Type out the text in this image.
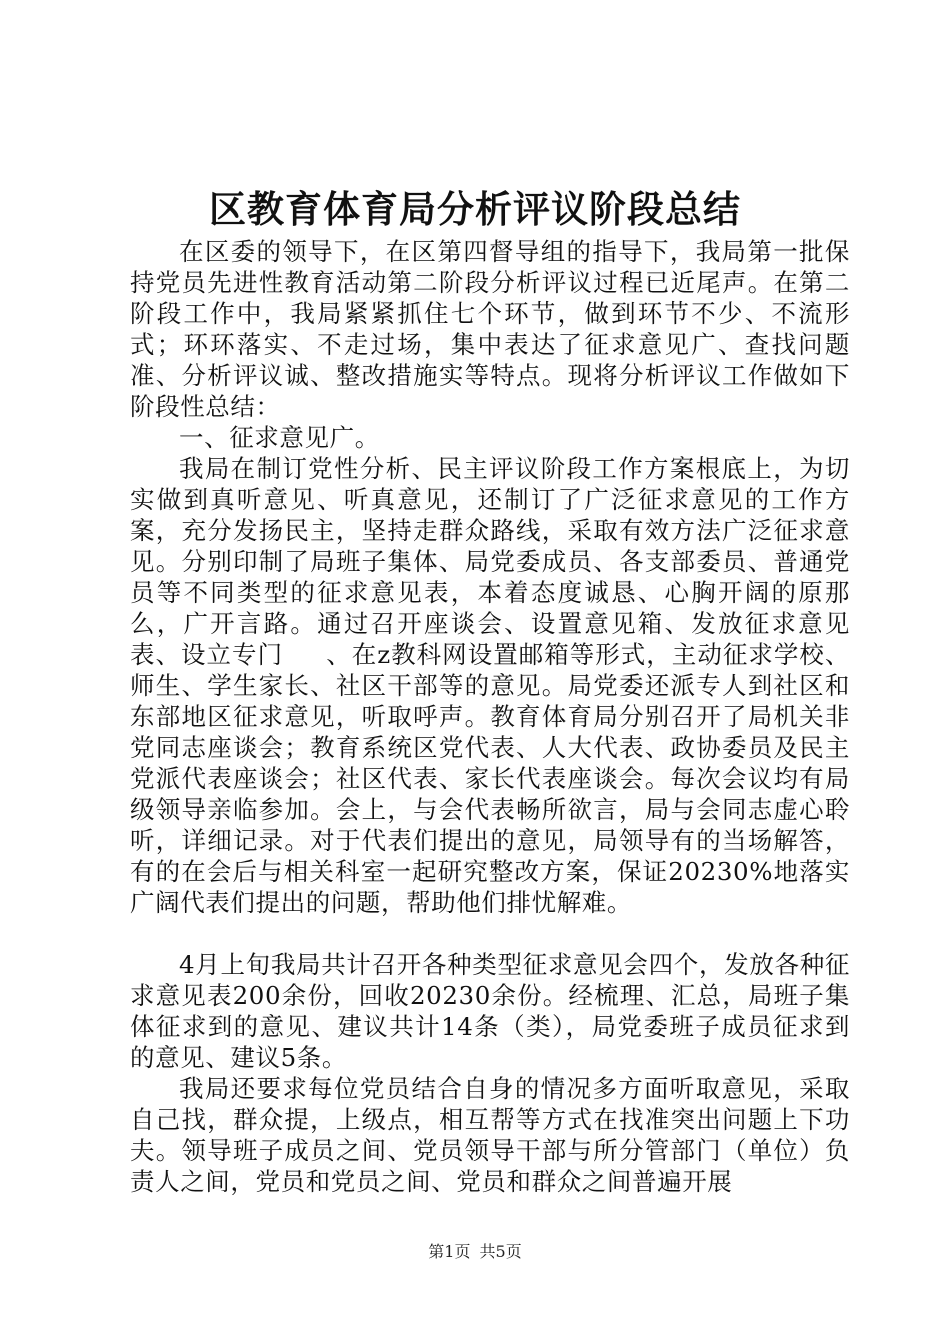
区教育体育局分析评议阶段总结

在区委的领导下，在区第四督导组的指导下，我局第一批保持党员先进性教育活动第二阶段分析评议过程已近尾声。在第二阶段工作中，我局紧紧抓住七个环节，做到环节不少、不流形式；环环落实、不走过场，集中表达了征求意见广、查找问题准、分析评议诚、整改措施实等特点。现将分析评议工作做如下阶段性总结：

一、征求意见广。

我局在制订党性分析、民主评议阶段工作方案根底上，为切实做到真听意见、听真意见，还制订了广泛征求意见的工作方案，充分发扬民主，坚持走群众路线，采取有效方法广泛征求意见。分别印制了局班子集体、局党委成员、各支部委员、普通党员等不同类型的征求意见表，本着态度诚恳、心胸开阔的原那么，广开言路。通过召开座谈会、设置意见箱、发放征求意见表、设立专门 　 、在z教科网设置邮箱等形式，主动征求学校、师生、学生家长、社区干部等的意见。局党委还派专人到社区和东部地区征求意见，听取呼声。教育体育局分别召开了局机关非党同志座谈会；教育系统区党代表、人大代表、政协委员及民主党派代表座谈会；社区代表、家长代表座谈会。每次会议均有局级领导亲临参加。会上，与会代表畅所欲言，局与会同志虚心聆听，详细记录。对于代表们提出的意见，局领导有的当场解答，有的在会后与相关科室一起研究整改方案，保证20230%地落实广阔代表们提出的问题，帮助他们排忧解难。

4月上旬我局共计召开各种类型征求意见会四个，发放各种征求意见表200余份，回收20230余份。经梳理、汇总，局班子集体征求到的意见、建议共计14条（类），局党委班子成员征求到的意见、建议5条。

我局还要求每位党员结合自身的情况多方面听取意见，采取自己找，群众提，上级点，相互帮等方式在找准突出问题上下功夫。领导班子成员之间、党员领导干部与所分管部门（单位）负责人之间，党员和党员之间、党员和群众之间普遍开展

第1页 共5页
